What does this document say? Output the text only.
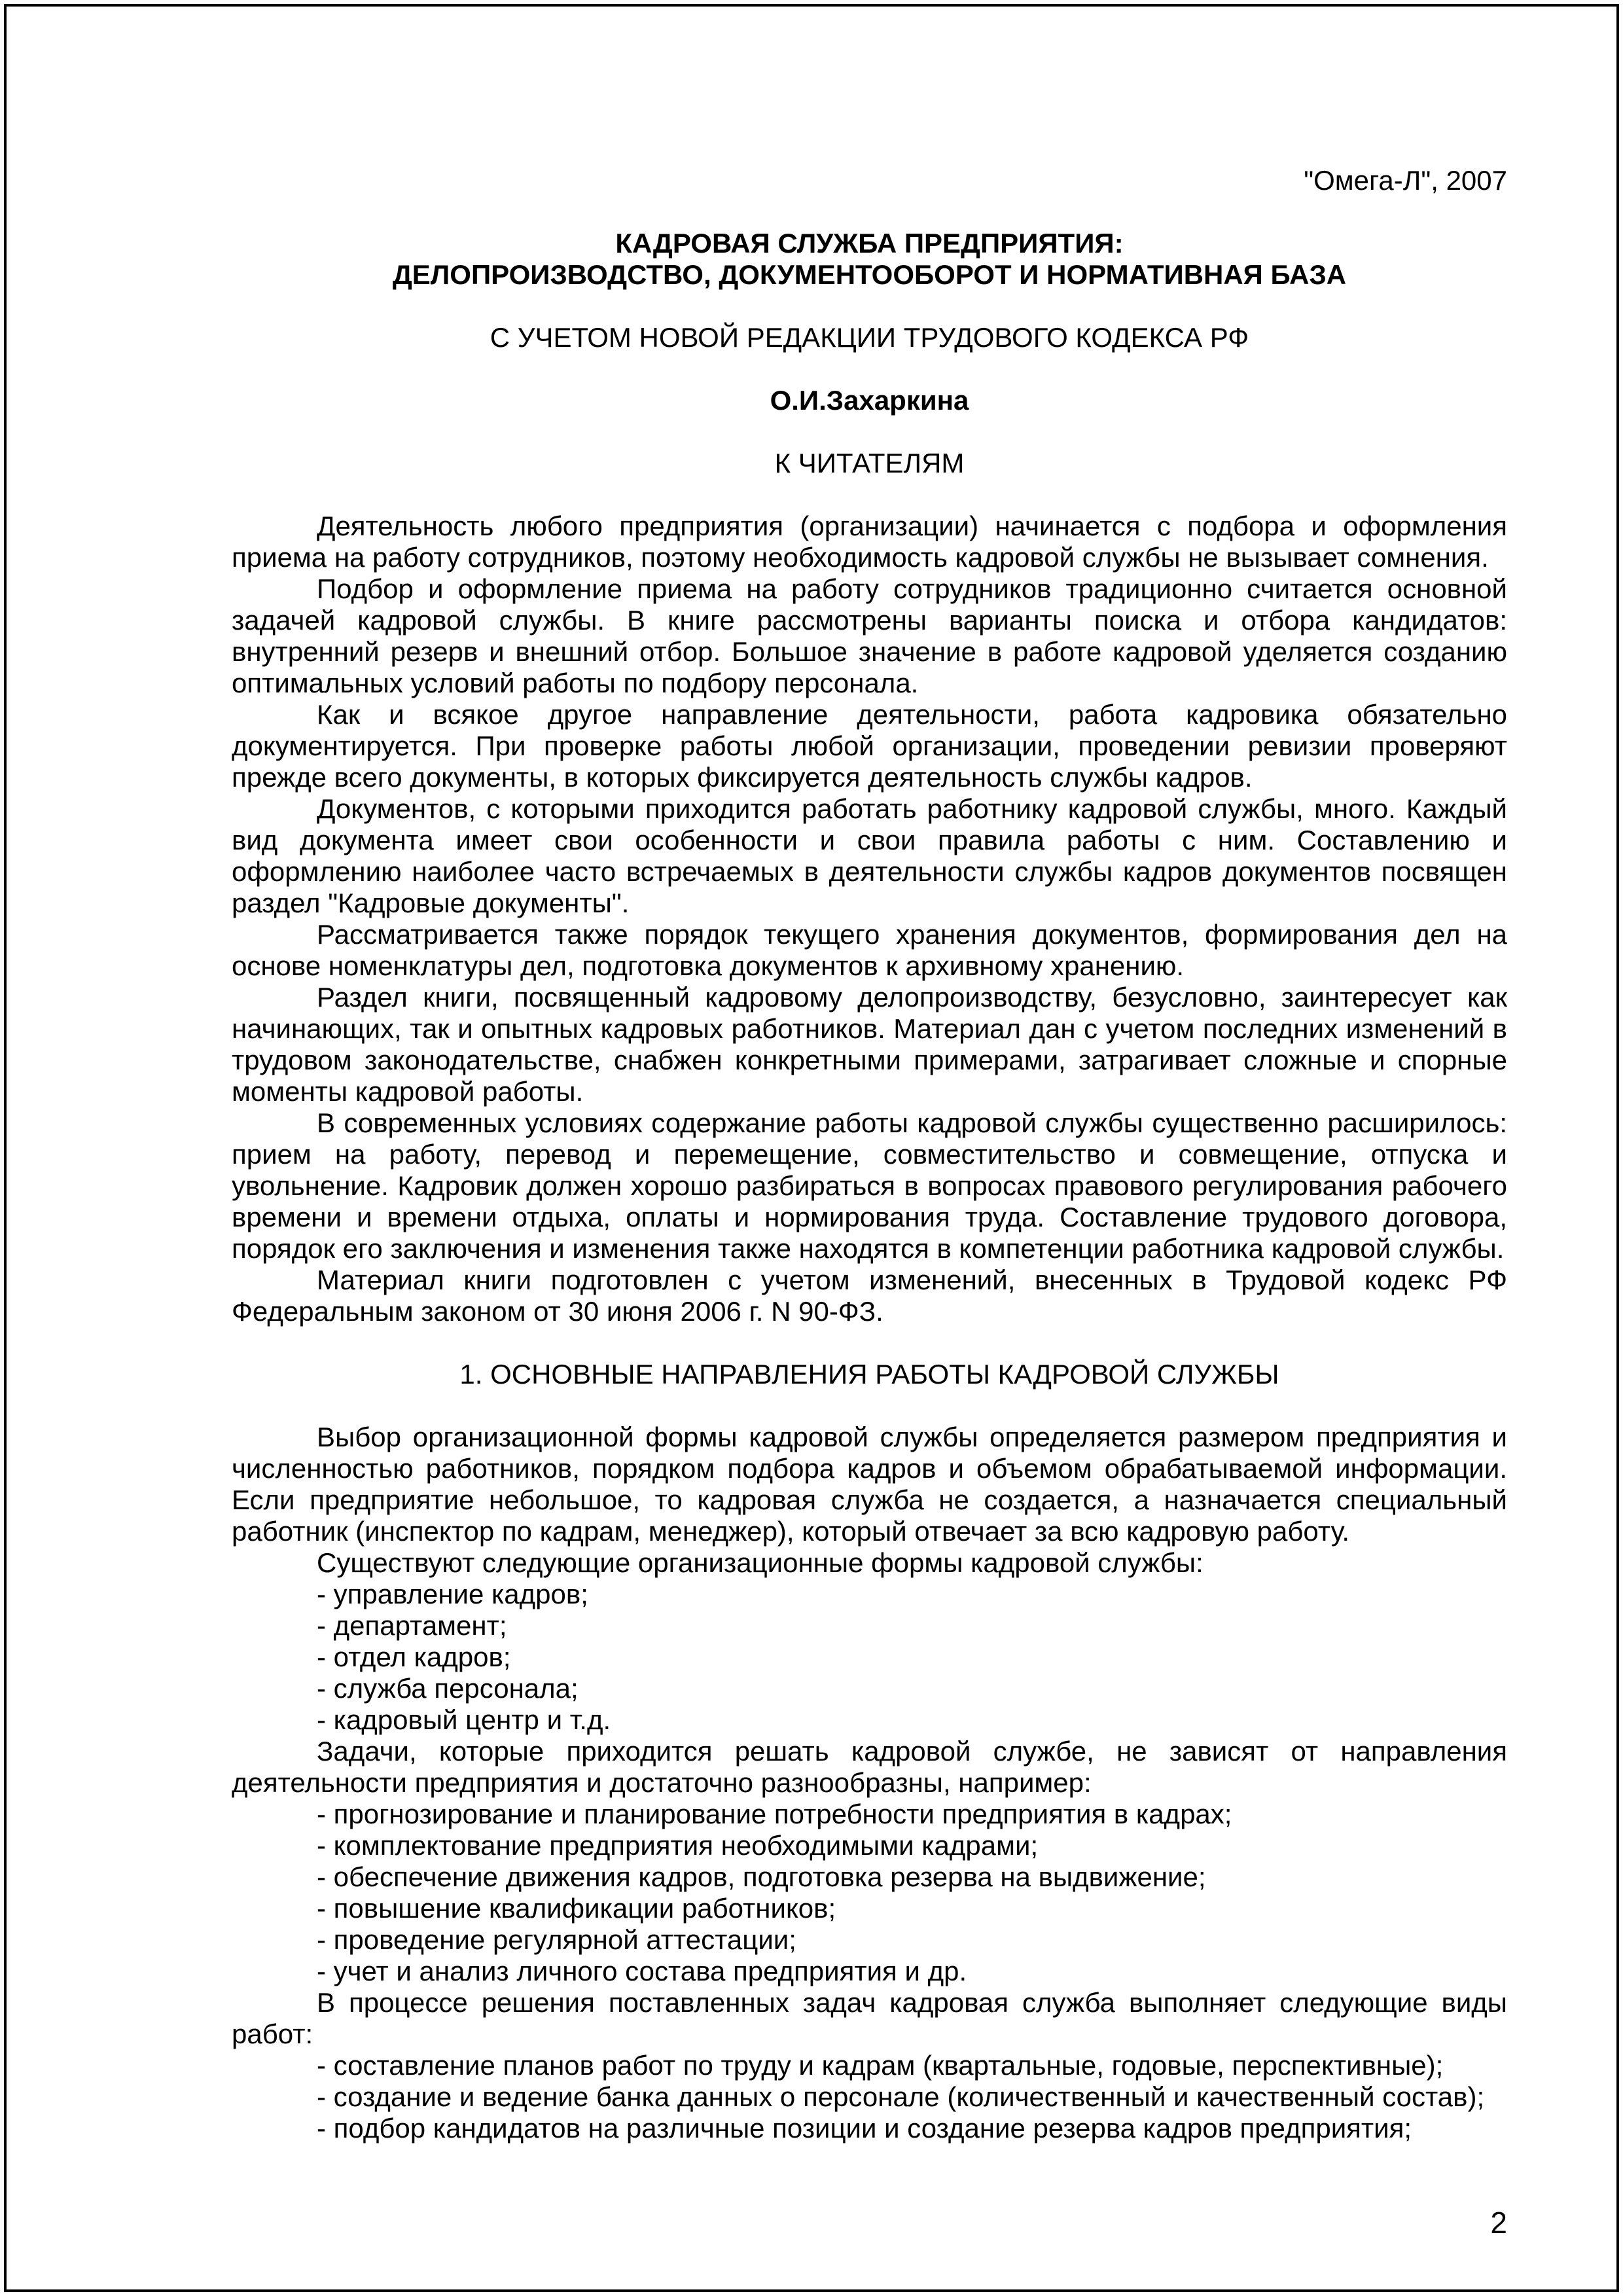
"Омега-Л", 2007

КАДРОВАЯ СЛУЖБА ПРЕДПРИЯТИЯ:

ДЕЛОПРОИЗВОДСТВО, ДОКУМЕНТООБОРОТ И НОРМАТИВНАЯ БАЗА

С УЧЕТОМ НОВОЙ РЕДАКЦИИ ТРУДОВОГО КОДЕКСА РФ

О.И.Захаркина

К ЧИТАТЕЛЯМ

Деятельность любого предприятия (организации) начинается с подбора и оформления приема на работу сотрудников, поэтому необходимость кадровой службы не вызывает сомнения.

Подбор и оформление приема на работу сотрудников традиционно считается основной задачей кадровой службы. В книге рассмотрены варианты поиска и отбора кандидатов: внутренний резерв и внешний отбор. Большое значение в работе кадровой уделяется созданию оптимальных условий работы по подбору персонала.

Как и всякое другое направление деятельности, работа кадровика обязательно документируется. При проверке работы любой организации, проведении ревизии проверяют прежде всего документы, в которых фиксируется деятельность службы кадров.

Документов, с которыми приходится работать работнику кадровой службы, много. Каждый вид документа имеет свои особенности и свои правила работы с ним. Составлению и оформлению наиболее часто встречаемых в деятельности службы кадров документов посвящен раздел "Кадровые документы".

Рассматривается также порядок текущего хранения документов, формирования дел на основе номенклатуры дел, подготовка документов к архивному хранению.

Раздел книги, посвященный кадровому делопроизводству, безусловно, заинтересует как начинающих, так и опытных кадровых работников. Материал дан с учетом последних изменений в трудовом законодательстве, снабжен конкретными примерами, затрагивает сложные и спорные моменты кадровой работы.

В современных условиях содержание работы кадровой службы существенно расширилось: прием на работу, перевод и перемещение, совместительство и совмещение, отпуска и увольнение. Кадровик должен хорошо разбираться в вопросах правового регулирования рабочего времени и времени отдыха, оплаты и нормирования труда. Составление трудового договора, порядок его заключения и изменения также находятся в компетенции работника кадровой службы.

Материал книги подготовлен с учетом изменений, внесенных в Трудовой кодекс РФ Федеральным законом от 30 июня 2006 г. N 90-ФЗ.

1. ОСНОВНЫЕ НАПРАВЛЕНИЯ РАБОТЫ КАДРОВОЙ СЛУЖБЫ

Выбор организационной формы кадровой службы определяется размером предприятия и численностью работников, порядком подбора кадров и объемом обрабатываемой информации. Если предприятие небольшое, то кадровая служба не создается, а назначается специальный работник (инспектор по кадрам, менеджер), который отвечает за всю кадровую работу.

Существуют следующие организационные формы кадровой службы:

- управление кадров;

- департамент;

- отдел кадров;

- служба персонала;

- кадровый центр и т.д.

Задачи, которые приходится решать кадровой службе, не зависят от направления деятельности предприятия и достаточно разнообразны, например:

- прогнозирование и планирование потребности предприятия в кадрах;

- комплектование предприятия необходимыми кадрами;

- обеспечение движения кадров, подготовка резерва на выдвижение;

- повышение квалификации работников;

- проведение регулярной аттестации;

- учет и анализ личного состава предприятия и др.

В процессе решения поставленных задач кадровая служба выполняет следующие виды работ:

- составление планов работ по труду и кадрам (квартальные, годовые, перспективные);

- создание и ведение банка данных о персонале (количественный и качественный состав);

- подбор кандидатов на различные позиции и создание резерва кадров предприятия;

2
